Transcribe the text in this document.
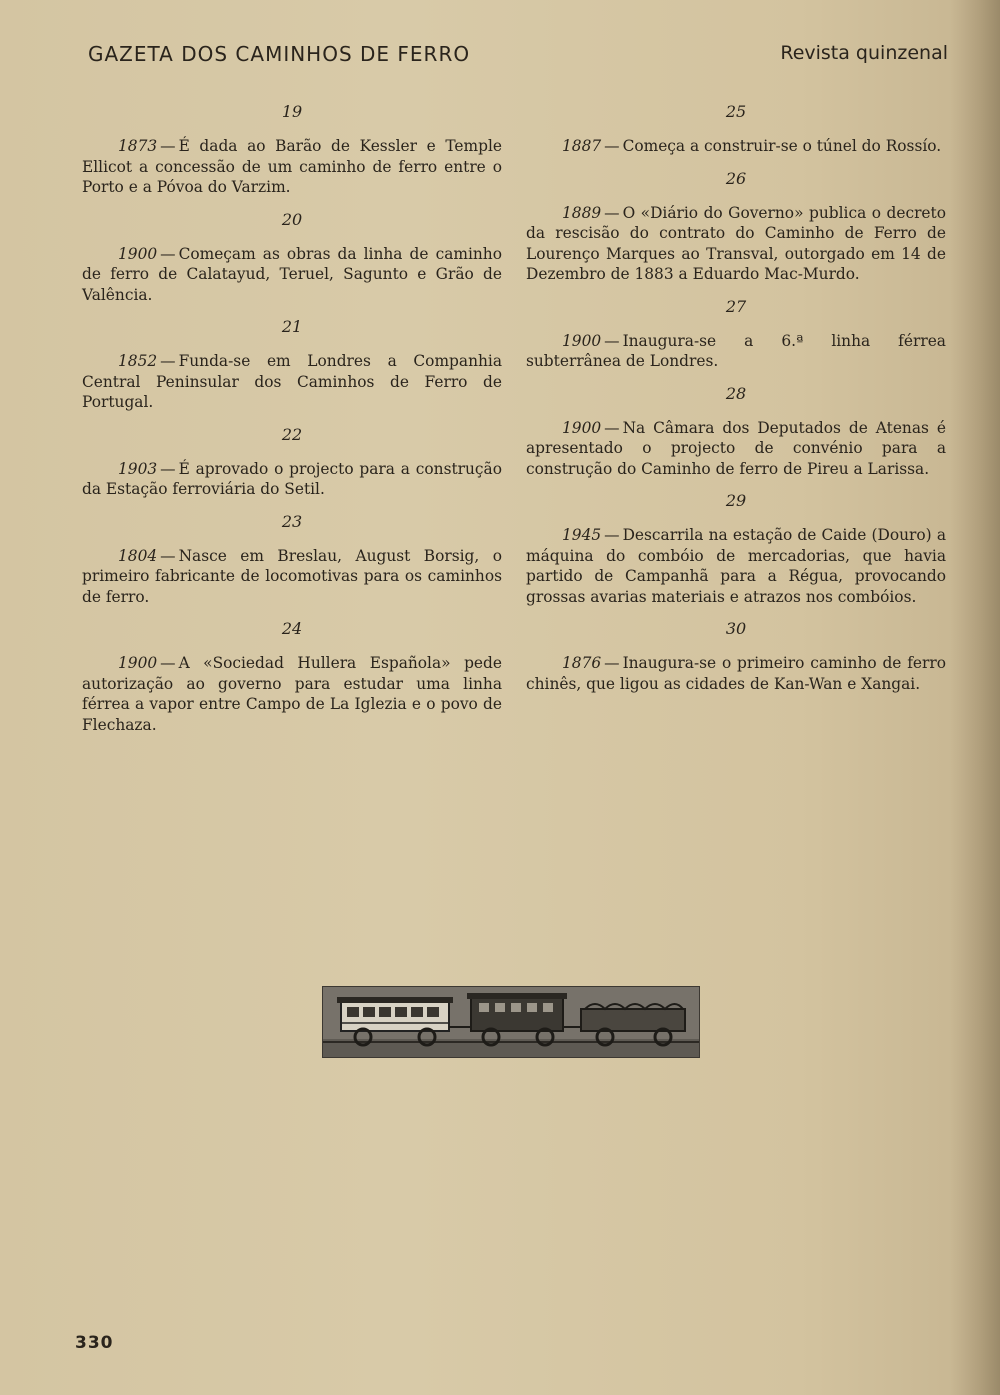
GAZETA DOS CAMINHOS DE FERRO	Revista quinzenal
19

1873 — É dada ao Barão de Kessler e Temple Ellicot a concessão de um caminho de ferro entre o Porto e a Póvoa do Varzim.

20

1900 — Começam as obras da linha de caminho de ferro de Calatayud, Teruel, Sagunto e Grão de Valência.

21

1852 — Funda-se em Londres a Companhia Central Peninsular dos Caminhos de Ferro de Portugal.

22

1903 — É aprovado o projecto para a construção da Estação ferroviária do Setil.

23

1804 — Nasce em Breslau, August Borsig, o primeiro fabricante de locomotivas para os caminhos de ferro.

24

1900 — A «Sociedad Hullera Española» pede autorização ao governo para estudar uma linha férrea a vapor entre Campo de La Iglezia e o povo de Flechaza.

25

1887 — Começa a construir-se o túnel do Rossío.

26

1889 — O «Diário do Governo» publica o decreto da rescisão do contrato do Caminho de Ferro de Lourenço Marques ao Transval, outorgado em 14 de Dezembro de 1883 a Eduardo Mac-Murdo.

27

1900 — Inaugura-se a 6.ª linha férrea subterrânea de Londres.

28

1900 — Na Câmara dos Deputados de Atenas é apresentado o projecto de convénio para a construção do Caminho de ferro de Pireu a Larissa.

29

1945 — Descarrila na estação de Caide (Douro) a máquina do combóio de mercadorias, que havia partido de Campanhã para a Régua, provocando grossas avarias materiais e atrazos nos combóios.

30

1876 — Inaugura-se o primeiro caminho de ferro chinês, que ligou as cidades de Kan-Wan e Xangai.

330
